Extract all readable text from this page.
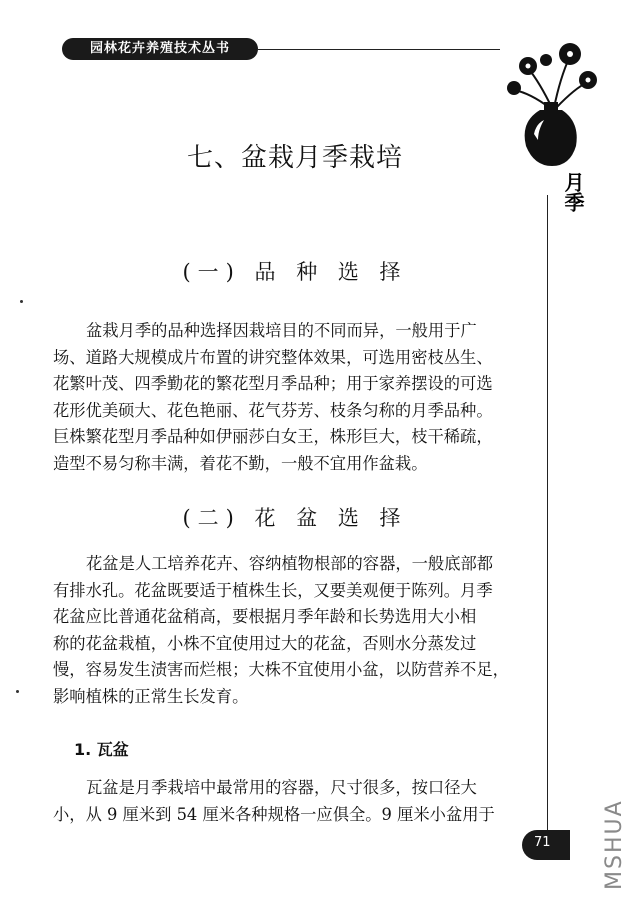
园林花卉养殖技术丛书
月季
七、盆栽月季栽培
(一) 品 种 选 择

盆栽月季的品种选择因栽培目的不同而异，一般用于广
场、道路大规模成片布置的讲究整体效果，可选用密枝丛生、
花繁叶茂、四季勤花的繁花型月季品种；用于家养摆设的可选
花形优美硕大、花色艳丽、花气芬芳、枝条匀称的月季品种。
巨株繁花型月季品种如伊丽莎白女王，株形巨大，枝干稀疏，
造型不易匀称丰满，着花不勤，一般不宜用作盆栽。

(二) 花 盆 选 择

花盆是人工培养花卉、容纳植物根部的容器，一般底部都
有排水孔。花盆既要适于植株生长，又要美观便于陈列。月季
花盆应比普通花盆稍高，要根据月季年龄和长势选用大小相
称的花盆栽植，小株不宜使用过大的花盆，否则水分蒸发过
慢，容易发生渍害而烂根；大株不宜使用小盆，以防营养不足，
影响植株的正常生长发育。

1. 瓦盆

瓦盆是月季栽培中最常用的容器，尺寸很多，按口径大
小，从 9 厘米到 54 厘米各种规格一应俱全。9 厘米小盆用于

71 MSHUA
